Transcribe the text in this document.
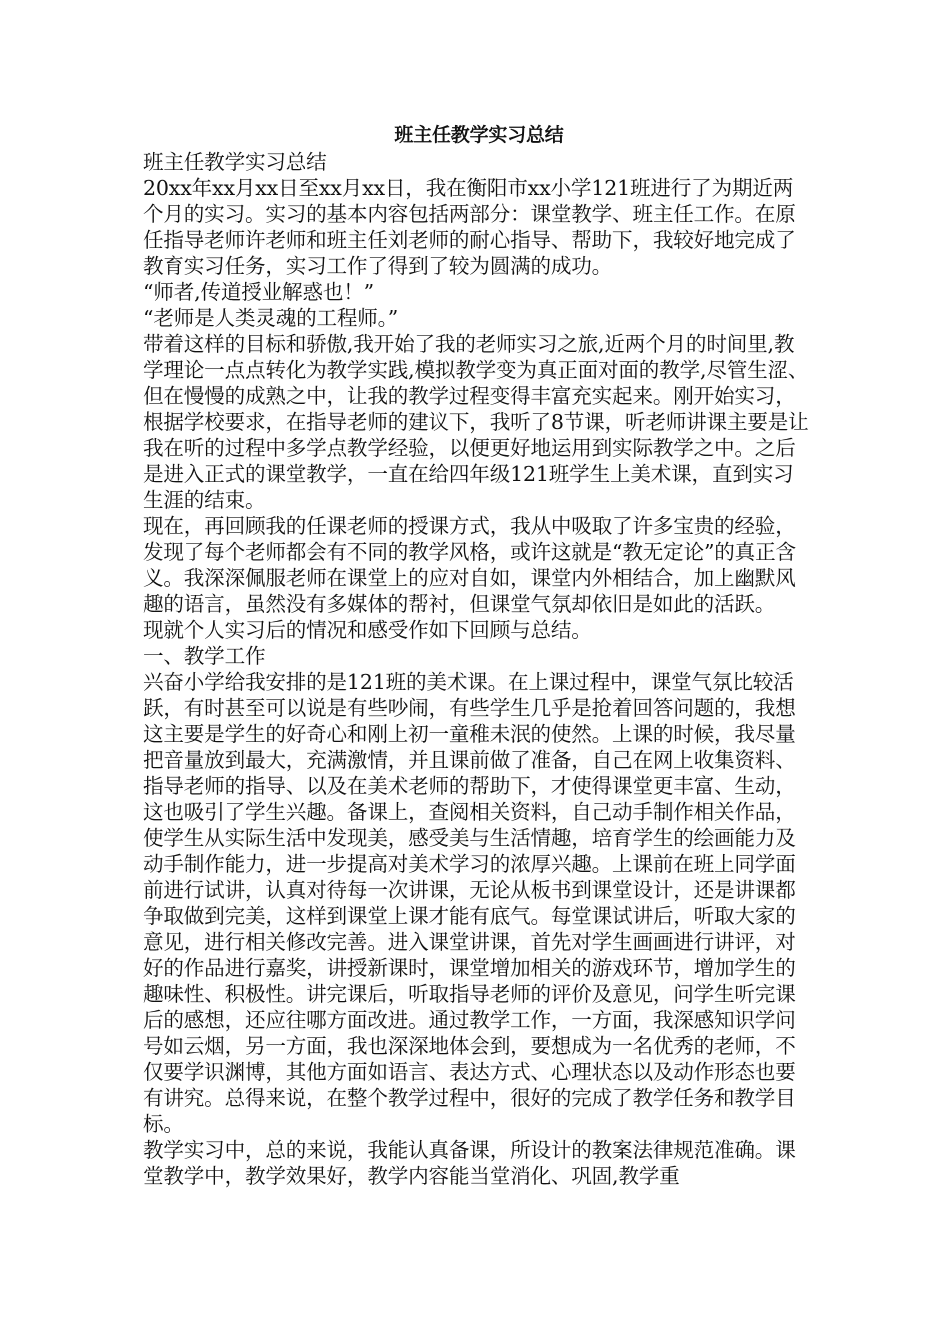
班主任教学实习总结

班主任教学实习总结

20xx年xx月xx日至xx月xx日，我在衡阳市xx小学121班进行了为期近两个月的实习。实习的基本内容包括两部分：课堂教学、班主任工作。在原任指导老师许老师和班主任刘老师的耐心指导、帮助下，我较好地完成了教育实习任务，实习工作了得到了较为圆满的成功。

“师者,传道授业解惑也！”

“老师是人类灵魂的工程师。”

带着这样的目标和骄傲,我开始了我的老师实习之旅,近两个月的时间里,教学理论一点点转化为教学实践,模拟教学变为真正面对面的教学,尽管生涩、但在慢慢的成熟之中，让我的教学过程变得丰富充实起来。刚开始实习，根据学校要求，在指导老师的建议下，我听了8节课，听老师讲课主要是让我在听的过程中多学点教学经验，以便更好地运用到实际教学之中。之后是进入正式的课堂教学，一直在给四年级121班学生上美术课，直到实习生涯的结束。

现在，再回顾我的任课老师的授课方式，我从中吸取了许多宝贵的经验，发现了每个老师都会有不同的教学风格，或许这就是“教无定论”的真正含义。我深深佩服老师在课堂上的应对自如，课堂内外相结合，加上幽默风趣的语言，虽然没有多媒体的帮衬，但课堂气氛却依旧是如此的活跃。

现就个人实习后的情况和感受作如下回顾与总结。

一、教学工作

兴奋小学给我安排的是121班的美术课。在上课过程中，课堂气氛比较活跃，有时甚至可以说是有些吵闹，有些学生几乎是抢着回答问题的，我想这主要是学生的好奇心和刚上初一童稚未泯的使然。上课的时候，我尽量把音量放到最大，充满激情，并且课前做了准备，自己在网上收集资料、指导老师的指导、以及在美术老师的帮助下，才使得课堂更丰富、生动，这也吸引了学生兴趣。备课上，查阅相关资料，自己动手制作相关作品，使学生从实际生活中发现美，感受美与生活情趣，培育学生的绘画能力及动手制作能力，进一步提高对美术学习的浓厚兴趣。上课前在班上同学面前进行试讲，认真对待每一次讲课，无论从板书到课堂设计，还是讲课都争取做到完美，这样到课堂上课才能有底气。每堂课试讲后，听取大家的意见，进行相关修改完善。进入课堂讲课，首先对学生画画进行讲评，对好的作品进行嘉奖，讲授新课时，课堂增加相关的游戏环节，增加学生的趣味性、积极性。讲完课后，听取指导老师的评价及意见，问学生听完课后的感想，还应往哪方面改进。通过教学工作，一方面，我深感知识学问号如云烟，另一方面，我也深深地体会到，要想成为一名优秀的老师，不仅要学识渊博，其他方面如语言、表达方式、心理状态以及动作形态也要有讲究。总得来说，在整个教学过程中，很好的完成了教学任务和教学目标。

教学实习中，总的来说，我能认真备课，所设计的教案法律规范准确。课堂教学中，教学效果好，教学内容能当堂消化、巩固,教学重
